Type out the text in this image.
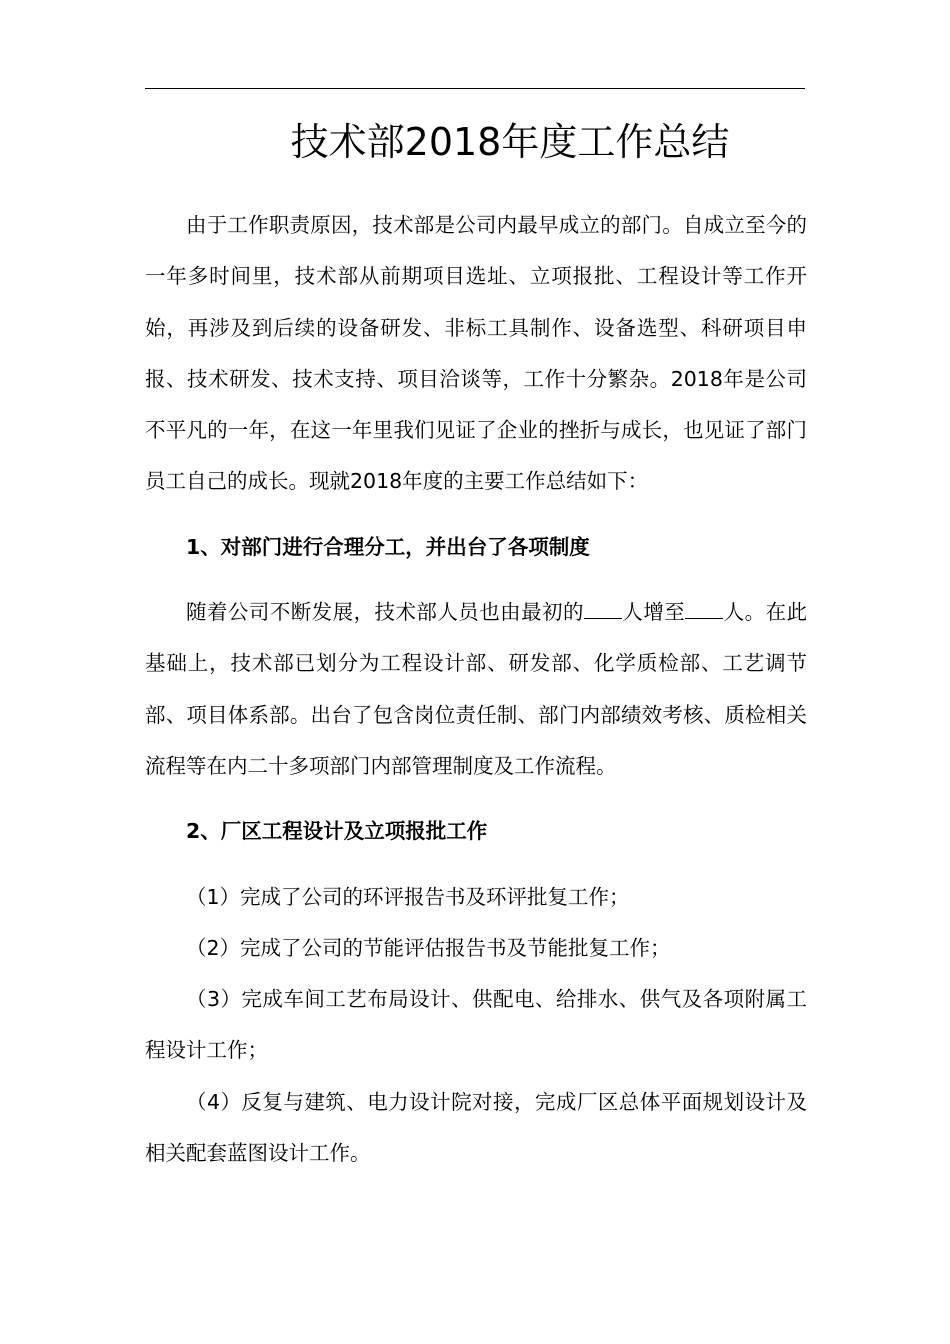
技术部2018年度工作总结

由于工作职责原因，技术部是公司内最早成立的部门。自成立至今的一年多时间里，技术部从前期项目选址、立项报批、工程设计等工作开始，再涉及到后续的设备研发、非标工具制作、设备选型、科研项目申报、技术研发、技术支持、项目洽谈等，工作十分繁杂。2018年是公司不平凡的一年，在这一年里我们见证了企业的挫折与成长，也见证了部门员工自己的成长。现就2018年度的主要工作总结如下：

1、对部门进行合理分工，并出台了各项制度

随着公司不断发展，技术部人员也由最初的 人增至 人。在此基础上，技术部已划分为工程设计部、研发部、化学质检部、工艺调节部、项目体系部。出台了包含岗位责任制、部门内部绩效考核、质检相关流程等在内二十多项部门内部管理制度及工作流程。

2、厂区工程设计及立项报批工作

（1）完成了公司的环评报告书及环评批复工作；

（2）完成了公司的节能评估报告书及节能批复工作；

（3）完成车间工艺布局设计、供配电、给排水、供气及各项附属工程设计工作；

（4）反复与建筑、电力设计院对接，完成厂区总体平面规划设计及相关配套蓝图设计工作。
